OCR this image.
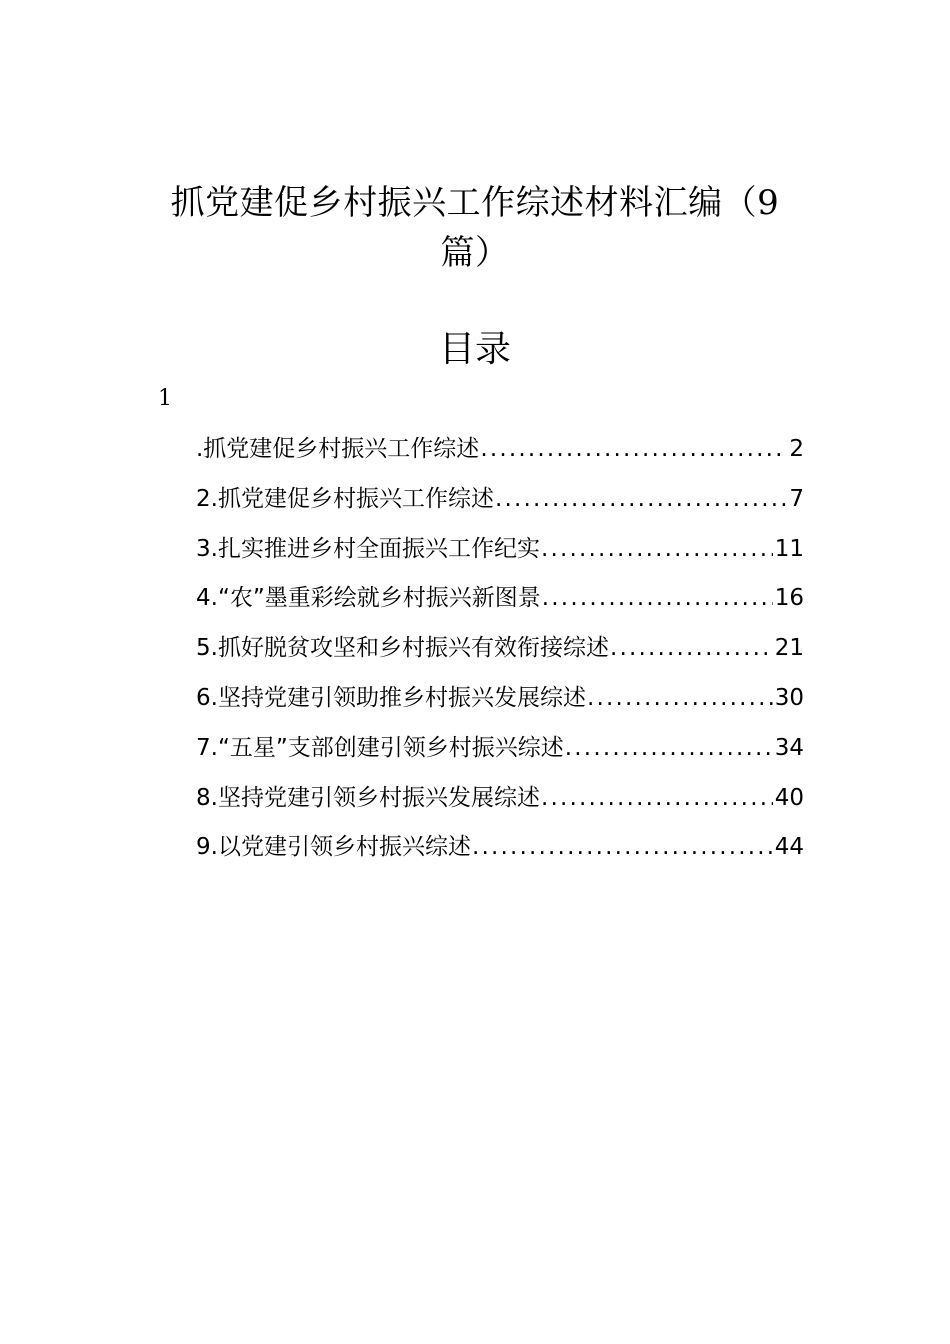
抓党建促乡村振兴工作综述材料汇编（9
篇）
目录
1
.抓党建促乡村振兴工作综述 .....	2
2.抓党建促乡村振兴工作综述 .....	7
3.扎实推进乡村全面振兴工作纪实 .....	11
4.“农”墨重彩绘就乡村振兴新图景 .....	16
5.抓好脱贫攻坚和乡村振兴有效衔接综述 .....	21
6.坚持党建引领助推乡村振兴发展综述 .....	30
7.“五星”支部创建引领乡村振兴综述 .....	34
8.坚持党建引领乡村振兴发展综述 .....	40
9.以党建引领乡村振兴综述 .....	44
